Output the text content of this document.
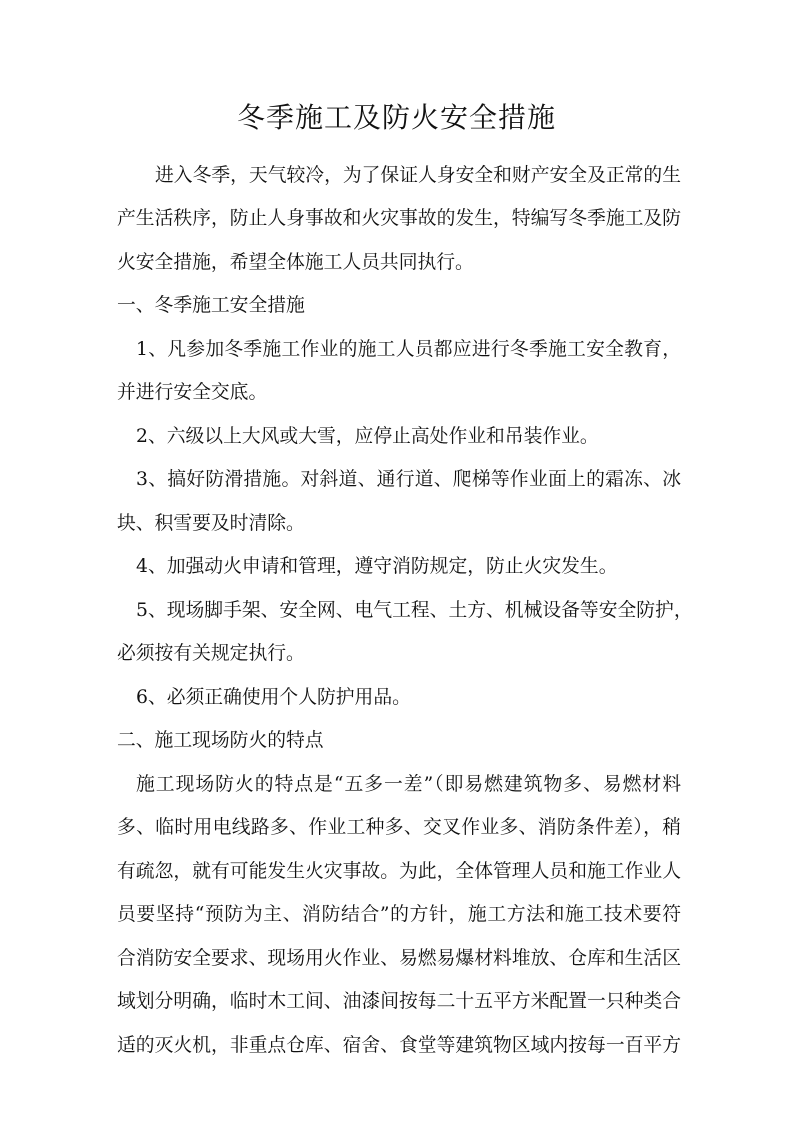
冬季施工及防火安全措施
进入冬季，天气较冷，为了保证人身安全和财产安全及正常的生
产生活秩序，防止人身事故和火灾事故的发生，特编写冬季施工及防
火安全措施，希望全体施工人员共同执行。
一、冬季施工安全措施
1、凡参加冬季施工作业的施工人员都应进行冬季施工安全教育，
并进行安全交底。
2、六级以上大风或大雪，应停止高处作业和吊装作业。
3、搞好防滑措施。对斜道、通行道、爬梯等作业面上的霜冻、冰
块、积雪要及时清除。
4、加强动火申请和管理，遵守消防规定，防止火灾发生。
5、现场脚手架、安全网、电气工程、土方、机械设备等安全防护，
必须按有关规定执行。
6、必须正确使用个人防护用品。
二、施工现场防火的特点
施工现场防火的特点是“五多一差”（即易燃建筑物多、易燃材料
多、临时用电线路多、作业工种多、交叉作业多、消防条件差），稍
有疏忽，就有可能发生火灾事故。为此，全体管理人员和施工作业人
员要坚持“预防为主、消防结合”的方针，施工方法和施工技术要符
合消防安全要求、现场用火作业、易燃易爆材料堆放、仓库和生活区
域划分明确，临时木工间、油漆间按每二十五平方米配置一只种类合
适的灭火机，非重点仓库、宿舍、食堂等建筑物区域内按每一百平方
